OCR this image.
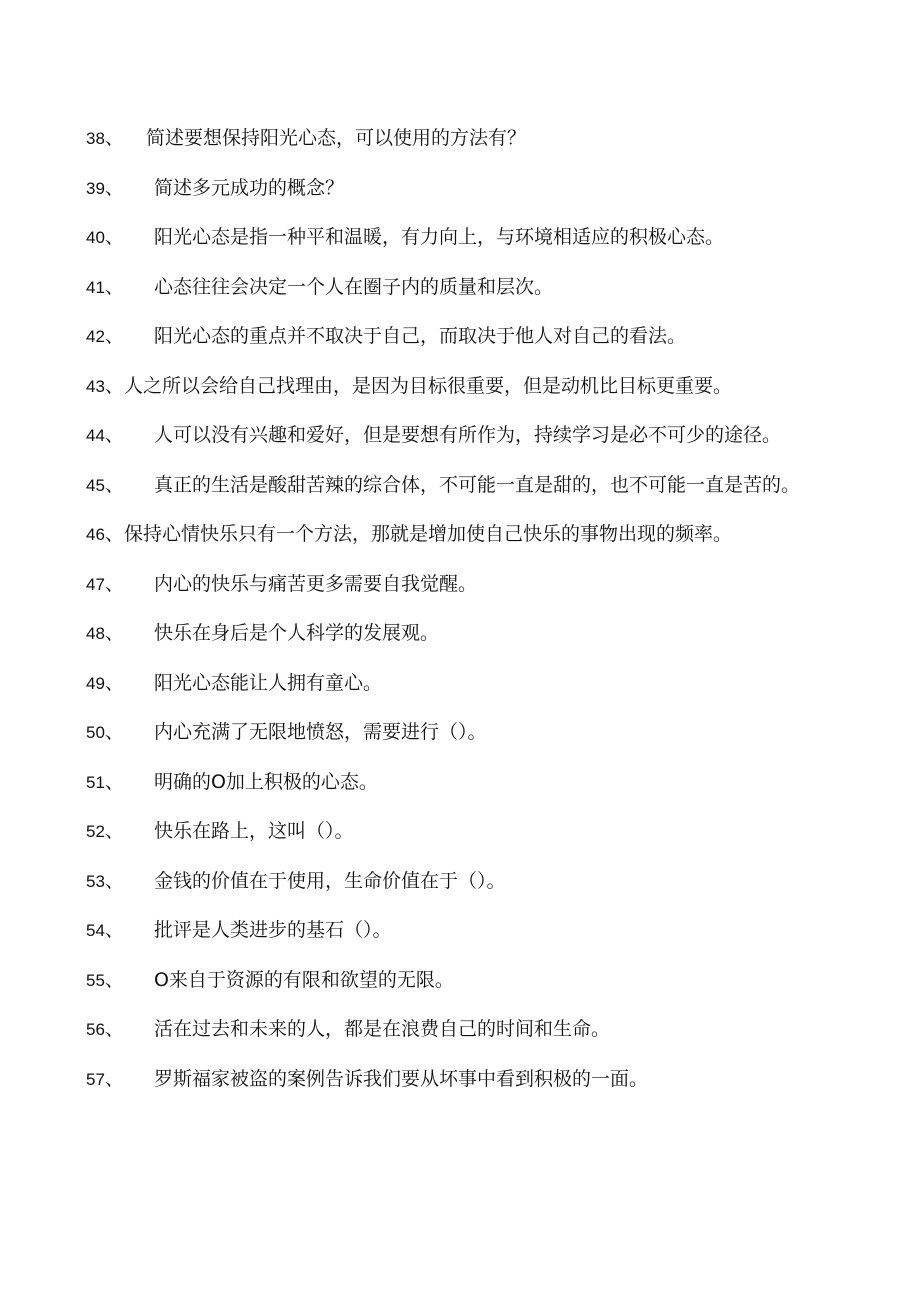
38、 简述要想保持阳光心态，可以使用的方法有？
39、 简述多元成功的概念？
40、 阳光心态是指一种平和温暖，有力向上，与环境相适应的积极心态。
41、 心态往往会决定一个人在圈子内的质量和层次。
42、 阳光心态的重点并不取决于自己，而取决于他人对自己的看法。
43、人之所以会给自己找理由，是因为目标很重要，但是动机比目标更重要。
44、 人可以没有兴趣和爱好，但是要想有所作为，持续学习是必不可少的途径。
45、 真正的生活是酸甜苦辣的综合体，不可能一直是甜的，也不可能一直是苦的。
46、保持心情快乐只有一个方法，那就是增加使自己快乐的事物出现的频率。
47、 内心的快乐与痛苦更多需要自我觉醒。
48、 快乐在身后是个人科学的发展观。
49、 阳光心态能让人拥有童心。
50、 内心充满了无限地愤怒，需要进行（）。
51、 明确的O加上积极的心态。
52、 快乐在路上，这叫（）。
53、 金钱的价值在于使用，生命价值在于（）。
54、 批评是人类进步的基石（）。
55、 O来自于资源的有限和欲望的无限。
56、 活在过去和未来的人，都是在浪费自己的时间和生命。
57、 罗斯福家被盗的案例告诉我们要从坏事中看到积极的一面。
